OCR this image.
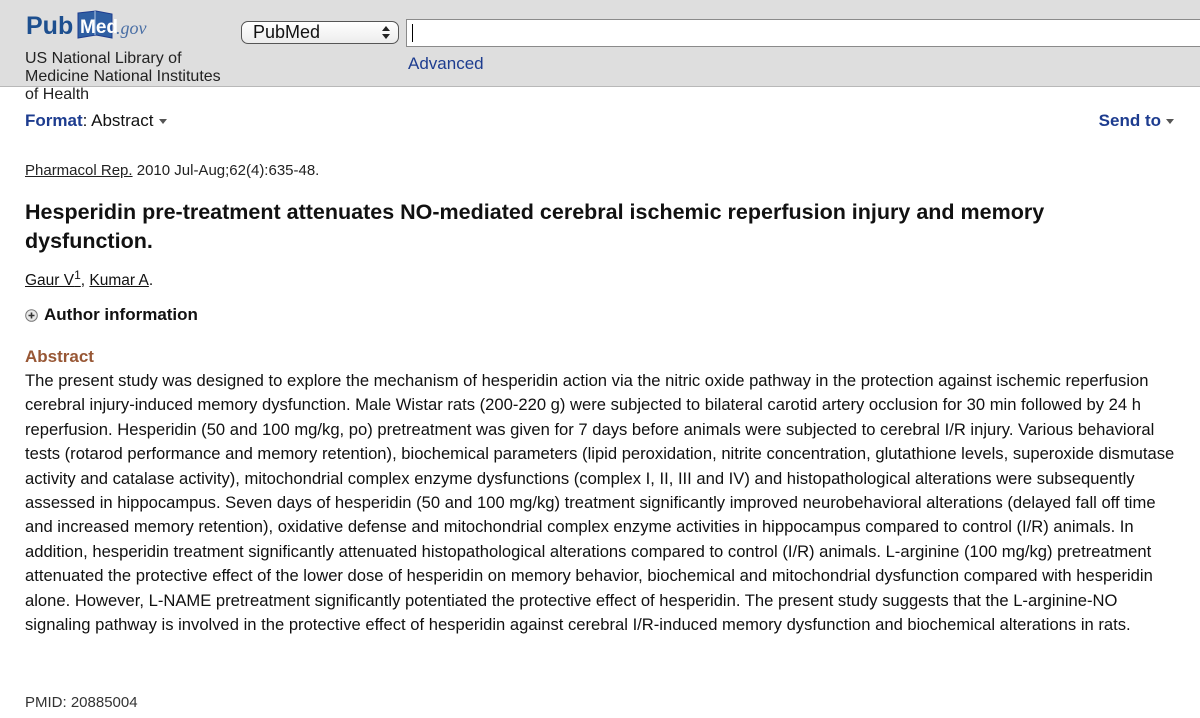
Pub Med
.gov
US National Library of
Medicine National Institutes
PubMed
Advanced
of Health
Format: Abstract	Send to
Pharmacol Rep. 2010 Jul-Aug;62(4):635-48.
Hesperidin pre-treatment attenuates NO-mediated cerebral ischemic reperfusion injury and memory dysfunction.
Gaur $V^1$, Kumar A.
Author information
Abstract
The present study was designed to explore the mechanism of hesperidin action via the nitric oxide pathway in the protection against ischemic reperfusion cerebral injury-induced memory dysfunction. Male Wistar rats (200-220 g) were subjected to bilateral carotid artery occlusion for 30 min followed by 24 h reperfusion. Hesperidin (50 and 100 mg/kg, po) pretreatment was given for 7 days before animals were subjected to cerebral I/R injury. Various behavioral tests (rotarod performance and memory retention), biochemical parameters (lipid peroxidation, nitrite concentration, glutathione levels, superoxide dismutase activity and catalase activity), mitochondrial complex enzyme dysfunctions (complex I, II, III and IV) and histopathological alterations were subsequently assessed in hippocampus. Seven days of hesperidin (50 and 100 mg/kg) treatment significantly improved neurobehavioral alterations (delayed fall off time and increased memory retention), oxidative defense and mitochondrial complex enzyme activities in hippocampus compared to control (I/R) animals. In addition, hesperidin treatment significantly attenuated histopathological alterations compared to control (I/R) animals. L-arginine (100 mg/kg) pretreatment attenuated the protective effect of the lower dose of hesperidin on memory behavior, biochemical and mitochondrial dysfunction compared with hesperidin alone. However, L-NAME pretreatment significantly potentiated the protective effect of hesperidin. The present study suggests that the L-arginine-NO signaling pathway is involved in the protective effect of hesperidin against cerebral I/R-induced memory dysfunction and biochemical alterations in rats.
PMID: 20885004
